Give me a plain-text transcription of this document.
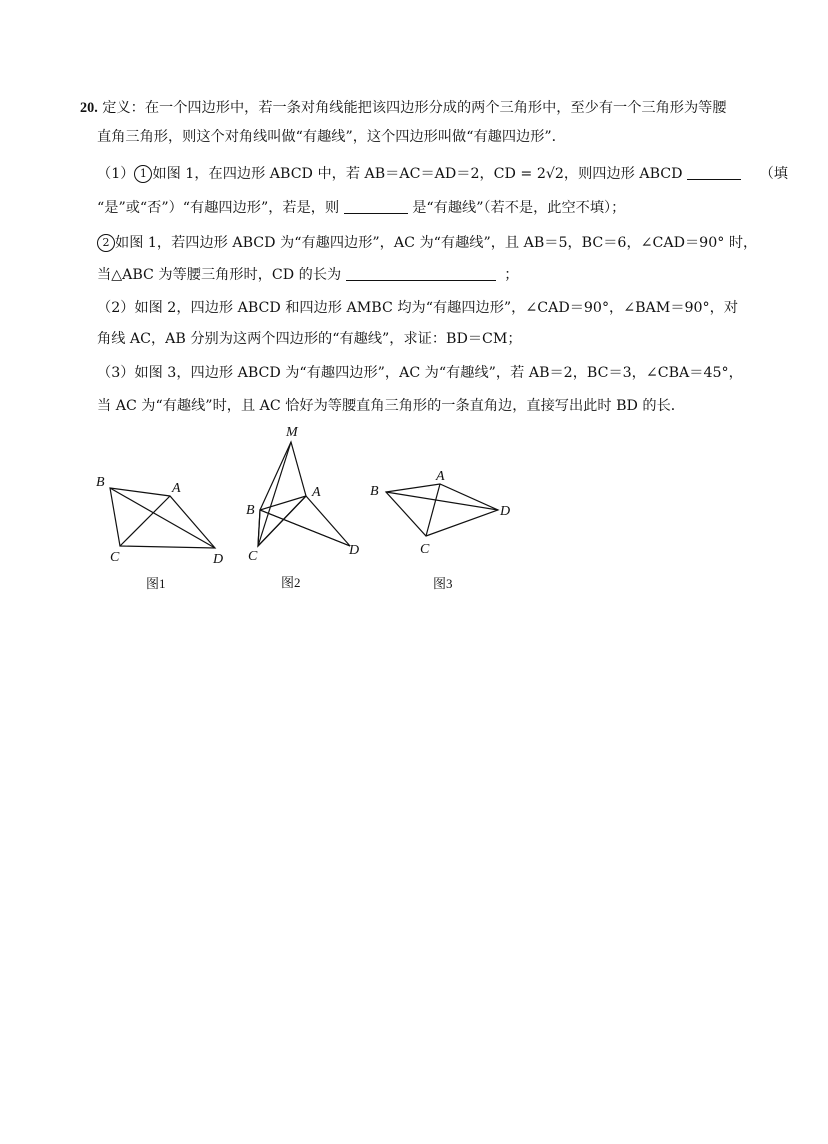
20. 定义：在一个四边形中，若一条对角线能把该四边形分成的两个三角形中，至少有一个三角形为等腰
直角三角形，则这个对角线叫做“有趣线”，这个四边形叫做“有趣四边形”．
（1） 1 如图 1，在四边形 ABCD 中，若 AB＝AC＝AD＝2，CD = 2√2，则四边形 ABCD	（填
“是”或“否”）“有趣四边形”，若是，则	是“有趣线”（若不是，此空不填）；
2 如图 1，若四边形 ABCD 为“有趣四边形”，AC 为“有趣线”，且 AB＝5，BC＝6，∠CAD＝90° 时，
当△ABC 为等腰三角形时，CD 的长为	；
（2）如图 2，四边形 ABCD 和四边形 AMBC 均为“有趣四边形”，∠CAD＝90°，∠BAM＝90°，对
角线 AC，AB 分别为这两个四边形的“有趣线”，求证：BD＝CM；
（3）如图 3，四边形 ABCD 为“有趣四边形”，AC 为“有趣线”，若 AB＝2，BC＝3，∠CBA＝45°，
当 AC 为“有趣线”时，且 AC 恰好为等腰直角三角形的一条直角边，直接写出此时 BD 的长．
B	A
C	D
图1
M
A
B
C	D
图2
B
A
C
D
图3
